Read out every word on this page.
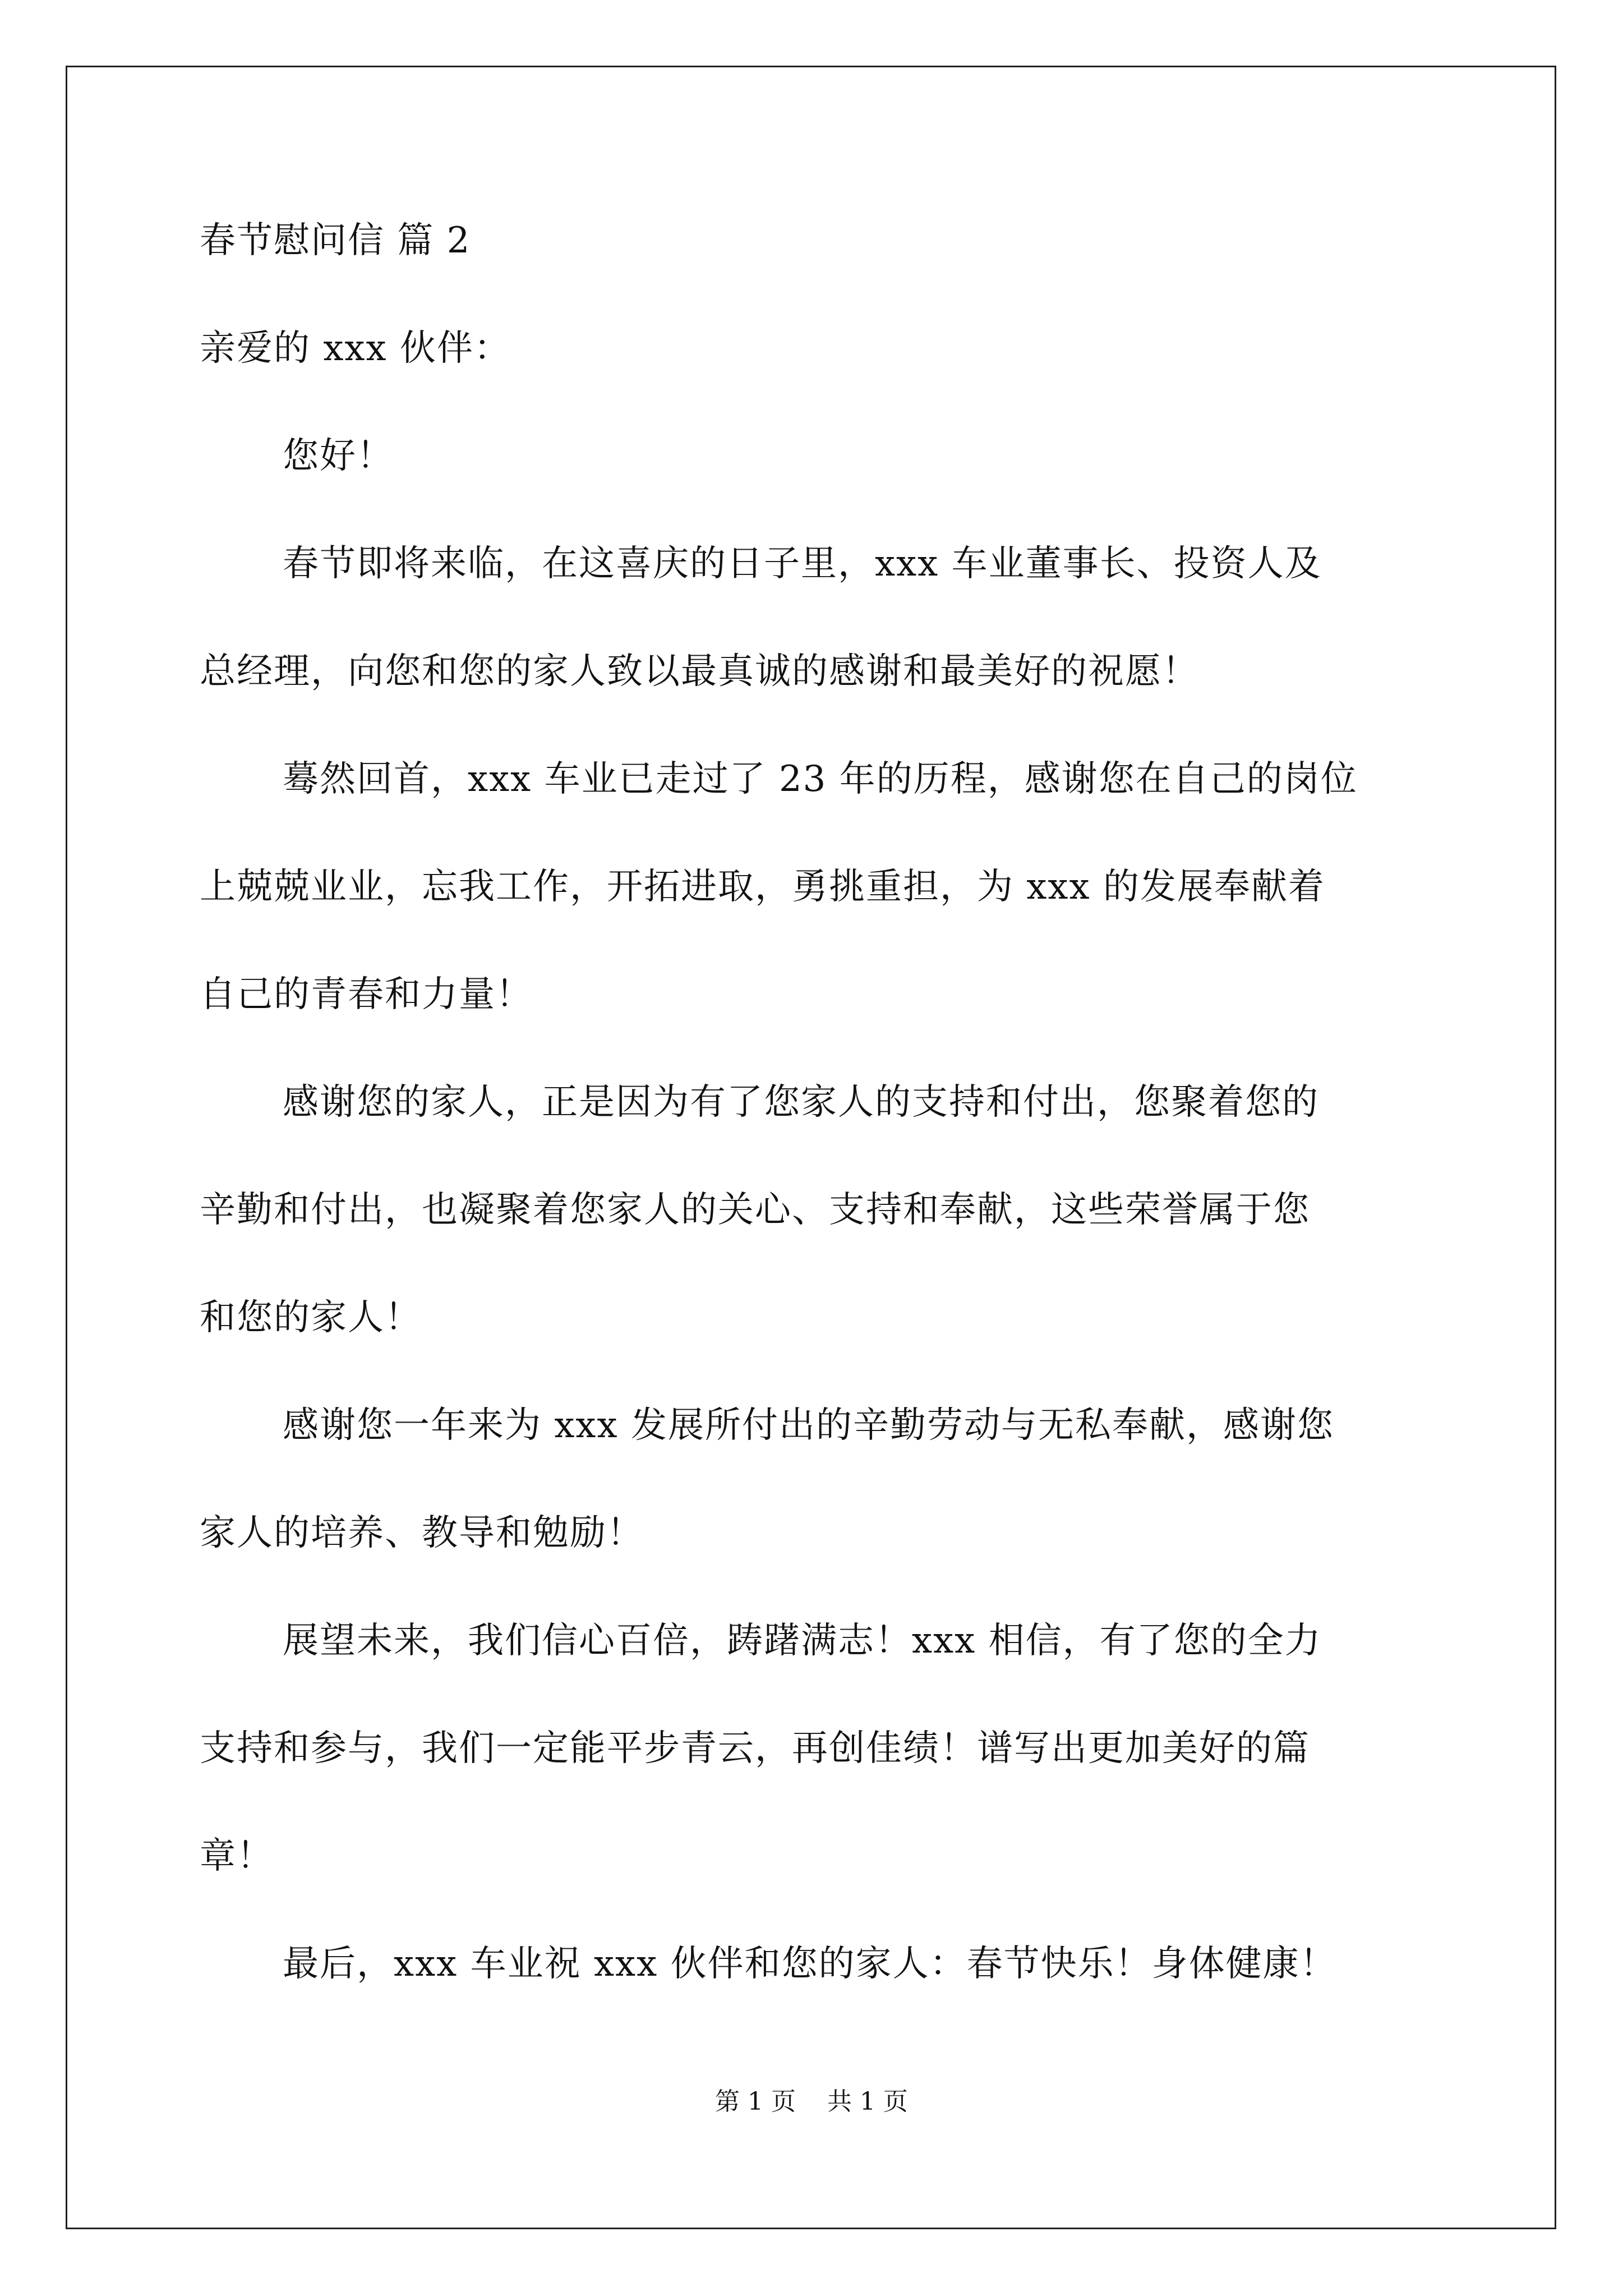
春节慰问信 篇 2
亲爱的 xxx 伙伴：
您好！
春节即将来临，在这喜庆的日子里，xxx 车业董事长、投资人及
总经理，向您和您的家人致以最真诚的感谢和最美好的祝愿！
蓦然回首，xxx 车业已走过了 23 年的历程，感谢您在自己的岗位
上兢兢业业，忘我工作，开拓进取，勇挑重担，为 xxx 的发展奉献着
自己的青春和力量！
感谢您的家人，正是因为有了您家人的支持和付出，您聚着您的
辛勤和付出，也凝聚着您家人的关心、支持和奉献，这些荣誉属于您
和您的家人！
感谢您一年来为 xxx 发展所付出的辛勤劳动与无私奉献，感谢您
家人的培养、教导和勉励！
展望未来，我们信心百倍，踌躇满志！xxx 相信，有了您的全力
支持和参与，我们一定能平步青云，再创佳绩！谱写出更加美好的篇
章！
最后，xxx 车业祝 xxx 伙伴和您的家人：春节快乐！身体健康！
第 1 页    共 1 页
